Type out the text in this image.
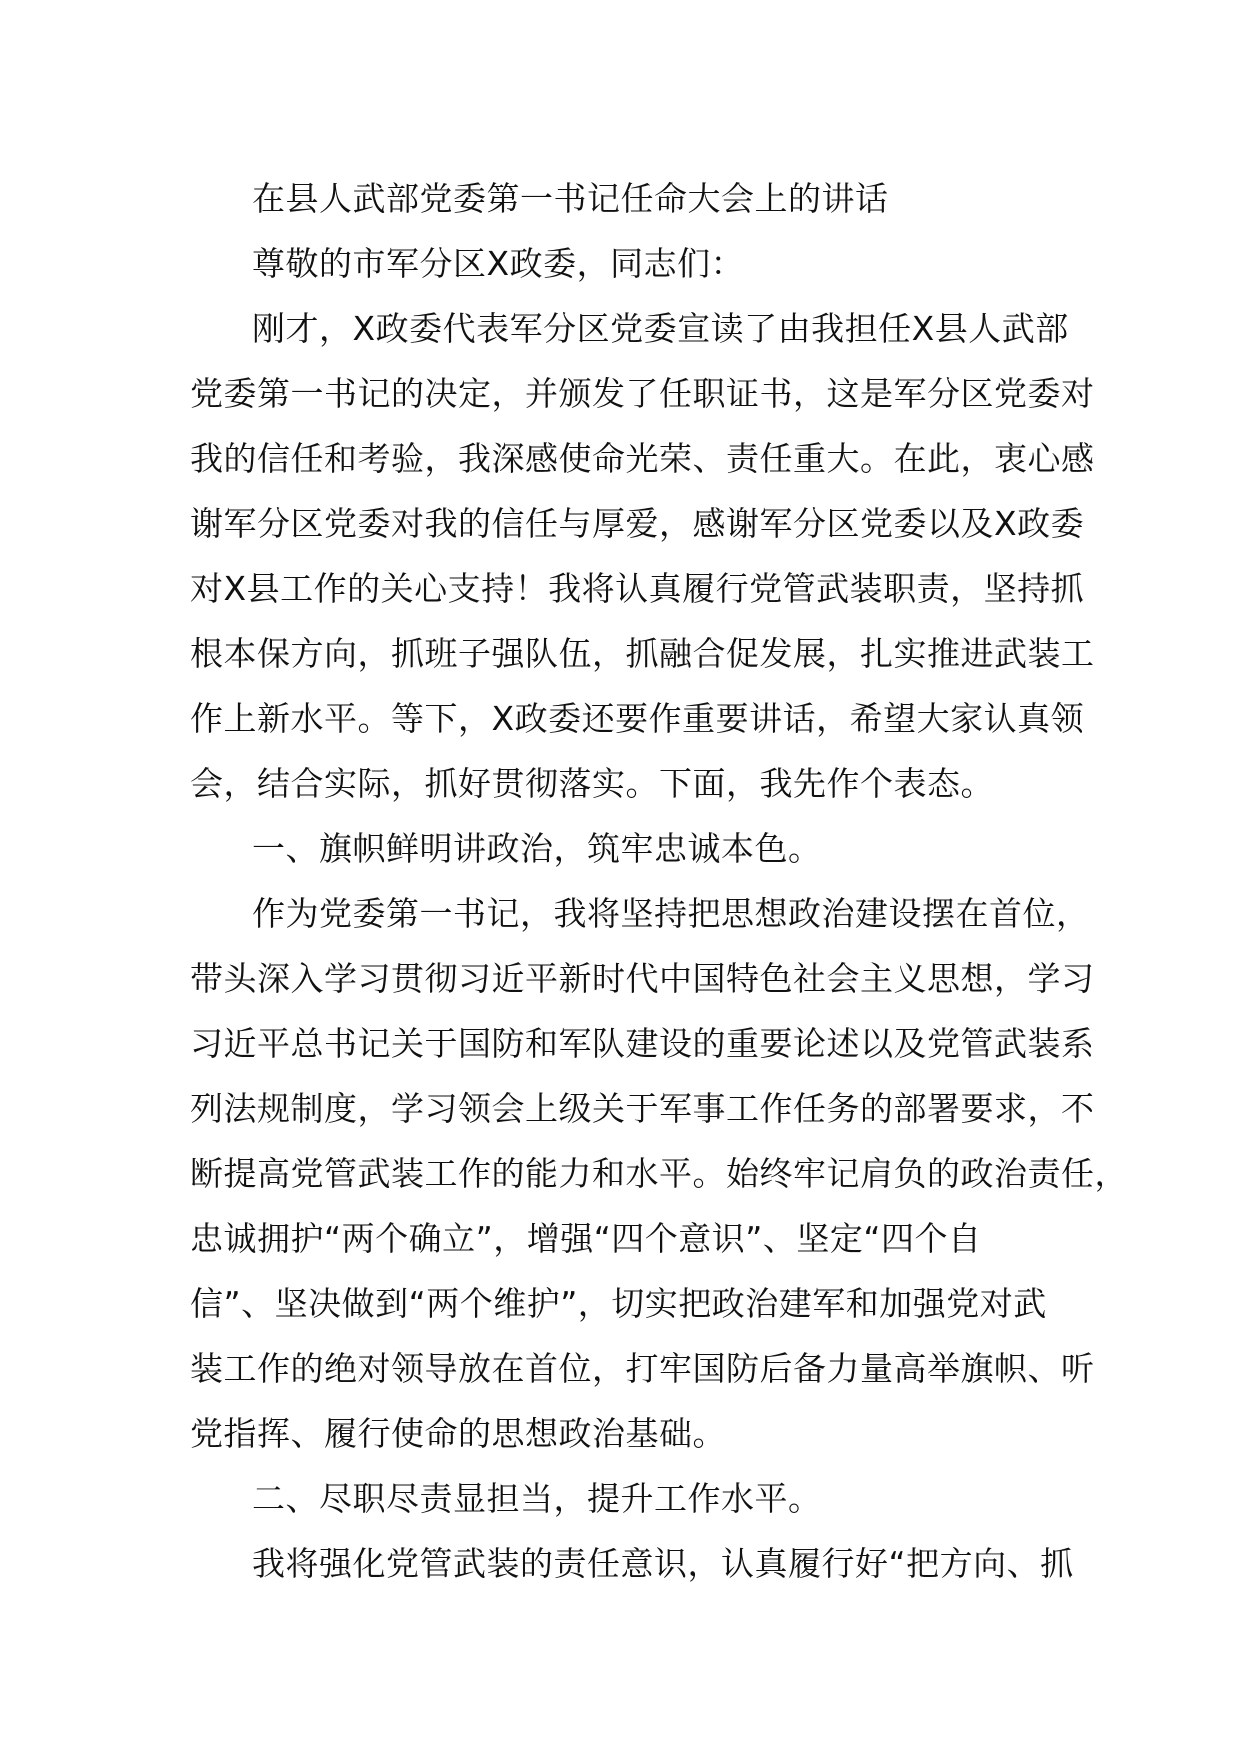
在县人武部党委第一书记任命大会上的讲话
尊敬的市军分区X政委，同志们：
刚才，X政委代表军分区党委宣读了由我担任X县人武部
党委第一书记的决定，并颁发了任职证书，这是军分区党委对
我的信任和考验，我深感使命光荣、责任重大。在此，衷心感
谢军分区党委对我的信任与厚爱，感谢军分区党委以及X政委
对X县工作的关心支持！我将认真履行党管武装职责，坚持抓
根本保方向，抓班子强队伍，抓融合促发展，扎实推进武装工
作上新水平。等下，X政委还要作重要讲话，希望大家认真领
会，结合实际，抓好贯彻落实。下面，我先作个表态。
一、旗帜鲜明讲政治，筑牢忠诚本色。
作为党委第一书记，我将坚持把思想政治建设摆在首位，
带头深入学习贯彻习近平新时代中国特色社会主义思想，学习
习近平总书记关于国防和军队建设的重要论述以及党管武装系
列法规制度，学习领会上级关于军事工作任务的部署要求，不
断提高党管武装工作的能力和水平。始终牢记肩负的政治责任，
忠诚拥护“两个确立”，增强“四个意识”、坚定“四个自
信”、坚决做到“两个维护”，切实把政治建军和加强党对武
装工作的绝对领导放在首位，打牢国防后备力量高举旗帜、听
党指挥、履行使命的思想政治基础。
二、尽职尽责显担当，提升工作水平。
我将强化党管武装的责任意识，认真履行好“把方向、抓
